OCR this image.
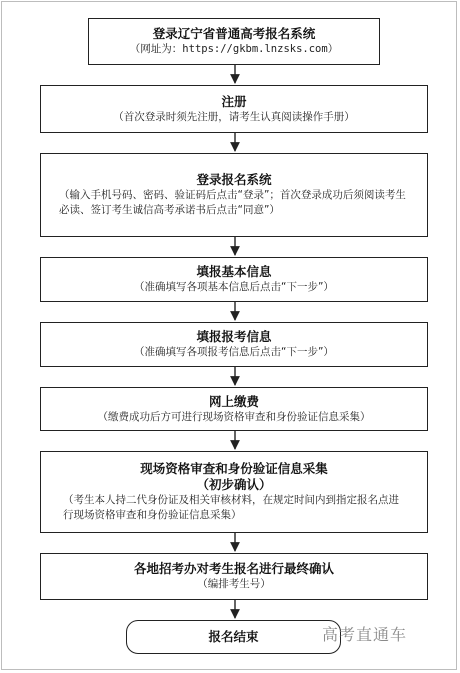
登录辽宁省普通高考报名系统
（网址为：https://gkbm.lnzsks.com）
注册
（首次登录时须先注册，请考生认真阅读操作手册）
登录报名系统
（输入手机号码、密码、验证码后点击“登录”；首次登录成功后须阅读考生必读、签订考生诚信高考承诺书后点击“同意”）
填报基本信息
（准确填写各项基本信息后点击“下一步”）
填报报考信息
（准确填写各项报考信息后点击“下一步”）
网上缴费
（缴费成功后方可进行现场资格审查和身份验证信息采集）
现场资格审查和身份验证信息采集
（初步确认）
（考生本人持二代身份证及相关审核材料，在规定时间内到指定报名点进行现场资格审查和身份验证信息采集）
各地招考办对考生报名进行最终确认
（编排考生号）
报名结束	高考直通车
